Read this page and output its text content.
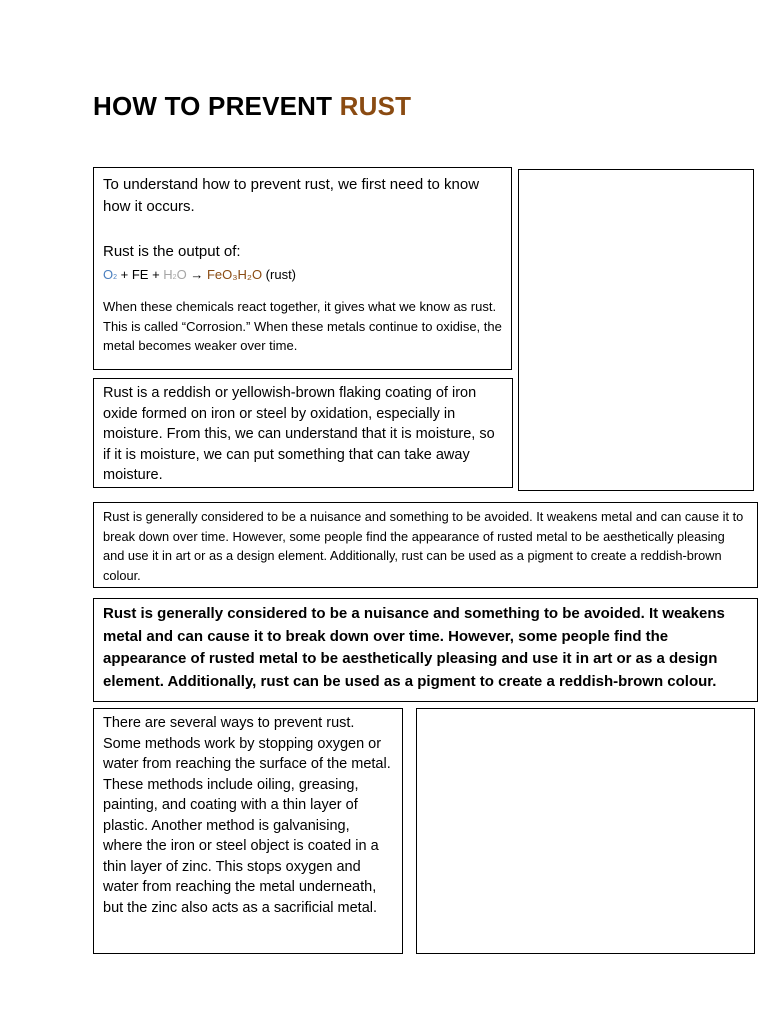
HOW TO PREVENT RUST

To understand how to prevent rust, we first need to know how it occurs.

Rust is the output of:

O2 + FE + H2O → FeO₃H₂O (rust)

When these chemicals react together, it gives what we know as rust. This is called “Corrosion.” When these metals continue to oxidise, the metal becomes weaker over time.

Rust is a reddish or yellowish-brown flaking coating of iron oxide formed on iron or steel by oxidation, especially in moisture. From this, we can understand that it is moisture, so if it is moisture, we can put something that can take away moisture.

Rust is generally considered to be a nuisance and something to be avoided. It weakens metal and can cause it to break down over time. However, some people find the appearance of rusted metal to be aesthetically pleasing and use it in art or as a design element. Additionally, rust can be used as a pigment to create a reddish-brown colour.

Rust is generally considered to be a nuisance and something to be avoided. It weakens metal and can cause it to break down over time. However, some people find the appearance of rusted metal to be aesthetically pleasing and use it in art or as a design element. Additionally, rust can be used as a pigment to create a reddish-brown colour.

There are several ways to prevent rust. Some methods work by stopping oxygen or water from reaching the surface of the metal. These methods include oiling, greasing, painting, and coating with a thin layer of plastic. Another method is galvanising, where the iron or steel object is coated in a thin layer of zinc. This stops oxygen and water from reaching the metal underneath, but the zinc also acts as a sacrificial metal.
